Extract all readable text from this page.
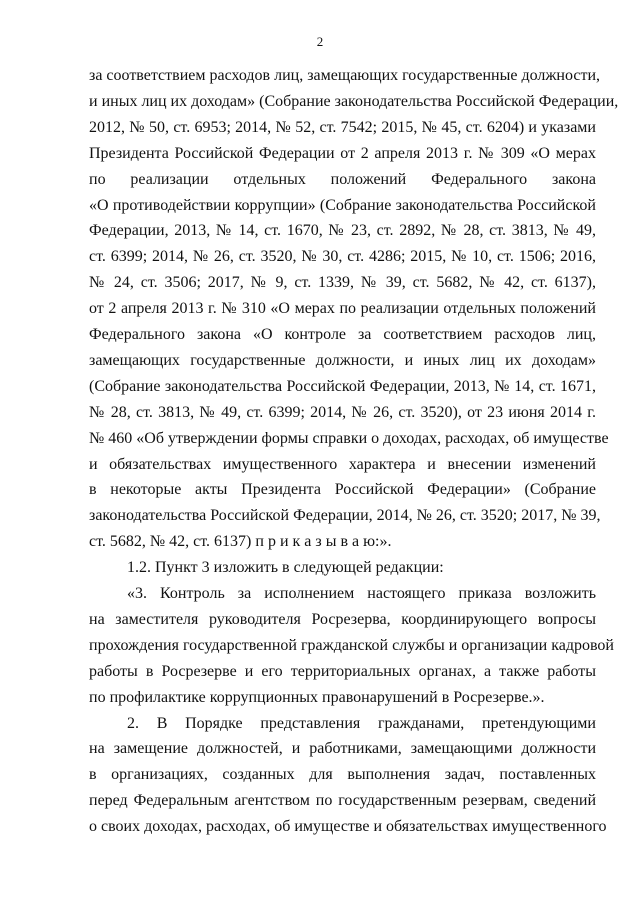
2
за соответствием расходов лиц, замещающих государственные должности,
и иных лиц их доходам» (Собрание законодательства Российской Федерации,
2012, № 50, ст. 6953; 2014, № 52, ст. 7542; 2015, № 45, ст. 6204) и указами
Президента Российской Федерации от 2 апреля 2013 г. № 309 «О мерах
по реализации отдельных положений Федерального закона
«О противодействии коррупции» (Собрание законодательства Российской
Федерации, 2013, № 14, ст. 1670, № 23, ст. 2892, № 28, ст. 3813, № 49,
ст. 6399; 2014, № 26, ст. 3520, № 30, ст. 4286; 2015, № 10, ст. 1506; 2016,
№ 24, ст. 3506; 2017, № 9, ст. 1339, № 39, ст. 5682, № 42, ст. 6137),
от 2 апреля 2013 г. № 310 «О мерах по реализации отдельных положений
Федерального закона «О контроле за соответствием расходов лиц,
замещающих государственные должности, и иных лиц их доходам»
(Собрание законодательства Российской Федерации, 2013, № 14, ст. 1671,
№ 28, ст. 3813, № 49, ст. 6399; 2014, № 26, ст. 3520), от 23 июня 2014 г.
№ 460 «Об утверждении формы справки о доходах, расходах, об имуществе
и обязательствах имущественного характера и внесении изменений
в некоторые акты Президента Российской Федерации» (Собрание
законодательства Российской Федерации, 2014, № 26, ст. 3520; 2017, № 39,
ст. 5682, № 42, ст. 6137) п р и к а з ы в а ю:».
1.2. Пункт 3 изложить в следующей редакции:
«3. Контроль за исполнением настоящего приказа возложить
на заместителя руководителя Росрезерва, координирующего вопросы
прохождения государственной гражданской службы и организации кадровой
работы в Росрезерве и его территориальных органах, а также работы
по профилактике коррупционных правонарушений в Росрезерве.».
2. В Порядке представления гражданами, претендующими
на замещение должностей, и работниками, замещающими должности
в организациях, созданных для выполнения задач, поставленных
перед Федеральным агентством по государственным резервам, сведений
о своих доходах, расходах, об имуществе и обязательствах имущественного
